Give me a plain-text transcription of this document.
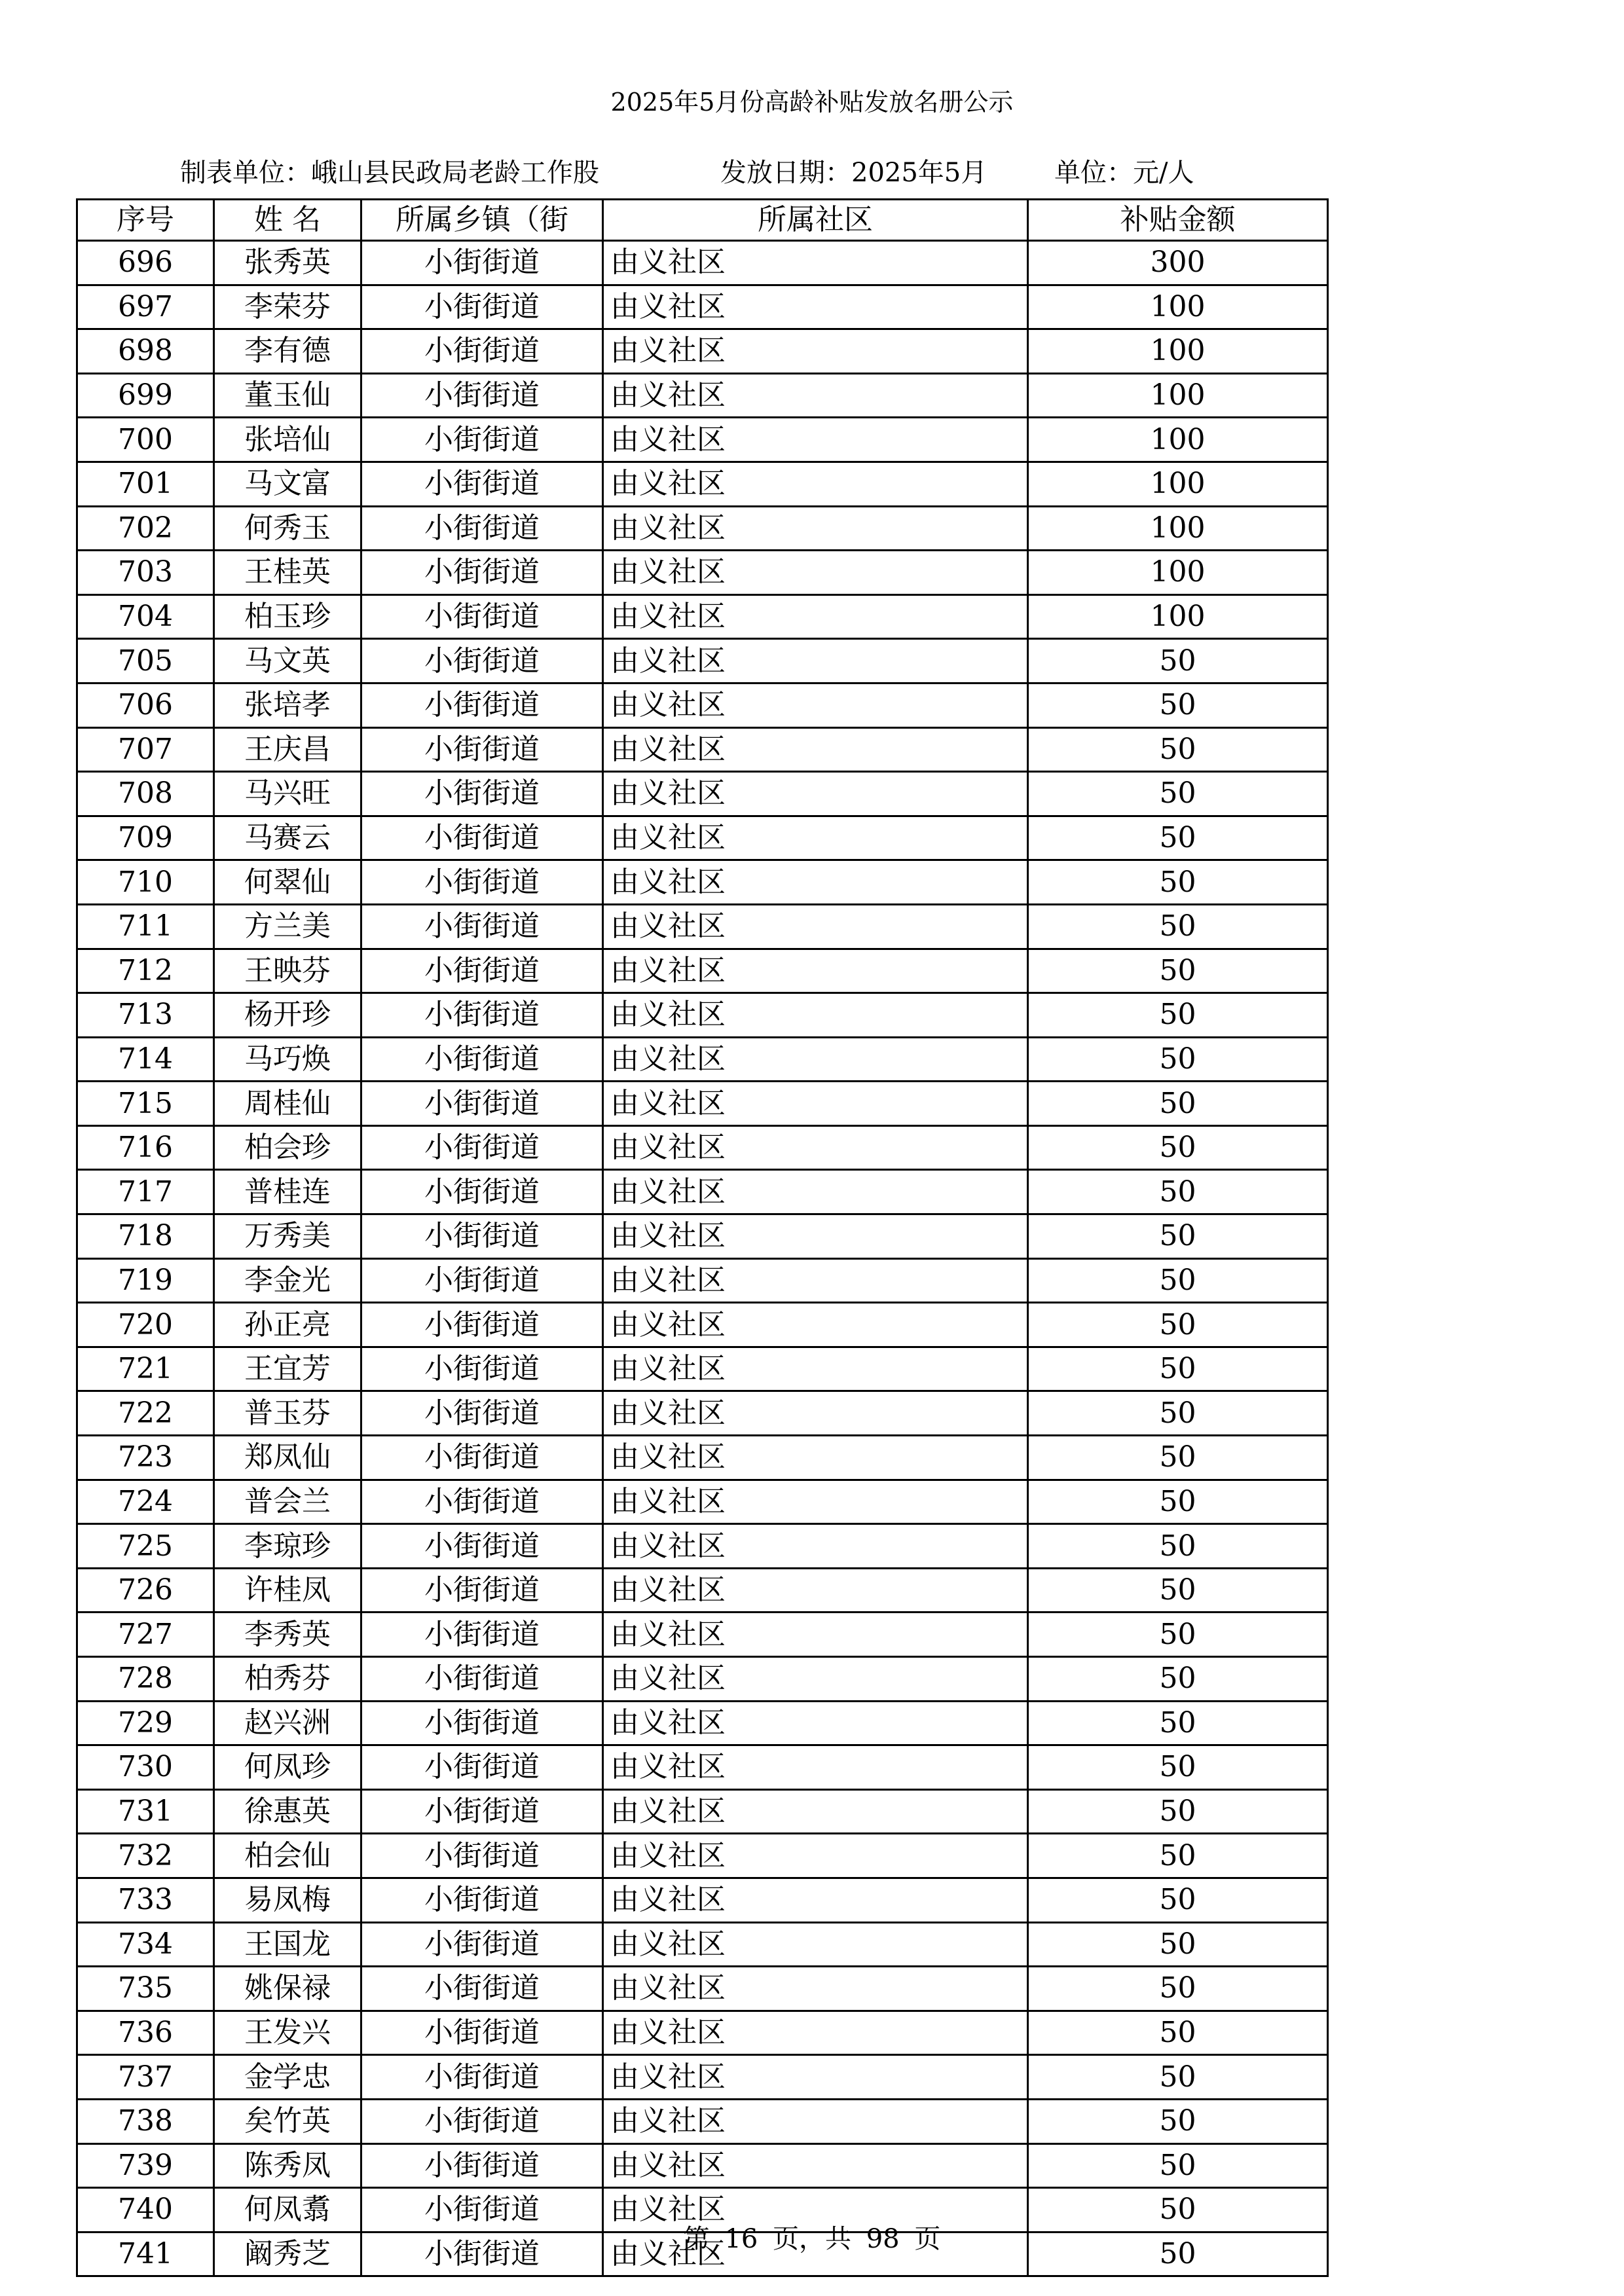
2025年5月份高龄补贴发放名册公示
制表单位：峨山县民政局老龄工作股	发放日期：2025年5月	单位：元/人
序号	姓 名	所属乡镇（街	所属社区	补贴金额
696	张秀英	小街街道	由义社区	300
697	李荣芬	小街街道	由义社区	100
698	李有德	小街街道	由义社区	100
699	董玉仙	小街街道	由义社区	100
700	张培仙	小街街道	由义社区	100
701	马文富	小街街道	由义社区	100
702	何秀玉	小街街道	由义社区	100
703	王桂英	小街街道	由义社区	100
704	柏玉珍	小街街道	由义社区	100
705	马文英	小街街道	由义社区	50
706	张培孝	小街街道	由义社区	50
707	王庆昌	小街街道	由义社区	50
708	马兴旺	小街街道	由义社区	50
709	马赛云	小街街道	由义社区	50
710	何翠仙	小街街道	由义社区	50
711	方兰美	小街街道	由义社区	50
712	王映芬	小街街道	由义社区	50
713	杨开珍	小街街道	由义社区	50
714	马巧焕	小街街道	由义社区	50
715	周桂仙	小街街道	由义社区	50
716	柏会珍	小街街道	由义社区	50
717	普桂连	小街街道	由义社区	50
718	万秀美	小街街道	由义社区	50
719	李金光	小街街道	由义社区	50
720	孙正亮	小街街道	由义社区	50
721	王宜芳	小街街道	由义社区	50
722	普玉芬	小街街道	由义社区	50
723	郑凤仙	小街街道	由义社区	50
724	普会兰	小街街道	由义社区	50
725	李琼珍	小街街道	由义社区	50
726	许桂凤	小街街道	由义社区	50
727	李秀英	小街街道	由义社区	50
728	柏秀芬	小街街道	由义社区	50
729	赵兴洲	小街街道	由义社区	50
730	何凤珍	小街街道	由义社区	50
731	徐惠英	小街街道	由义社区	50
732	柏会仙	小街街道	由义社区	50
733	易凤梅	小街街道	由义社区	50
734	王国龙	小街街道	由义社区	50
735	姚保禄	小街街道	由义社区	50
736	王发兴	小街街道	由义社区	50
737	金学忠	小街街道	由义社区	50
738	矣竹英	小街街道	由义社区	50
739	陈秀凤	小街街道	由义社区	50
740	何凤翥	小街街道	由义社区	50
741	阚秀芝	小街街道	由义社区	50
第 16 页，共 98 页
